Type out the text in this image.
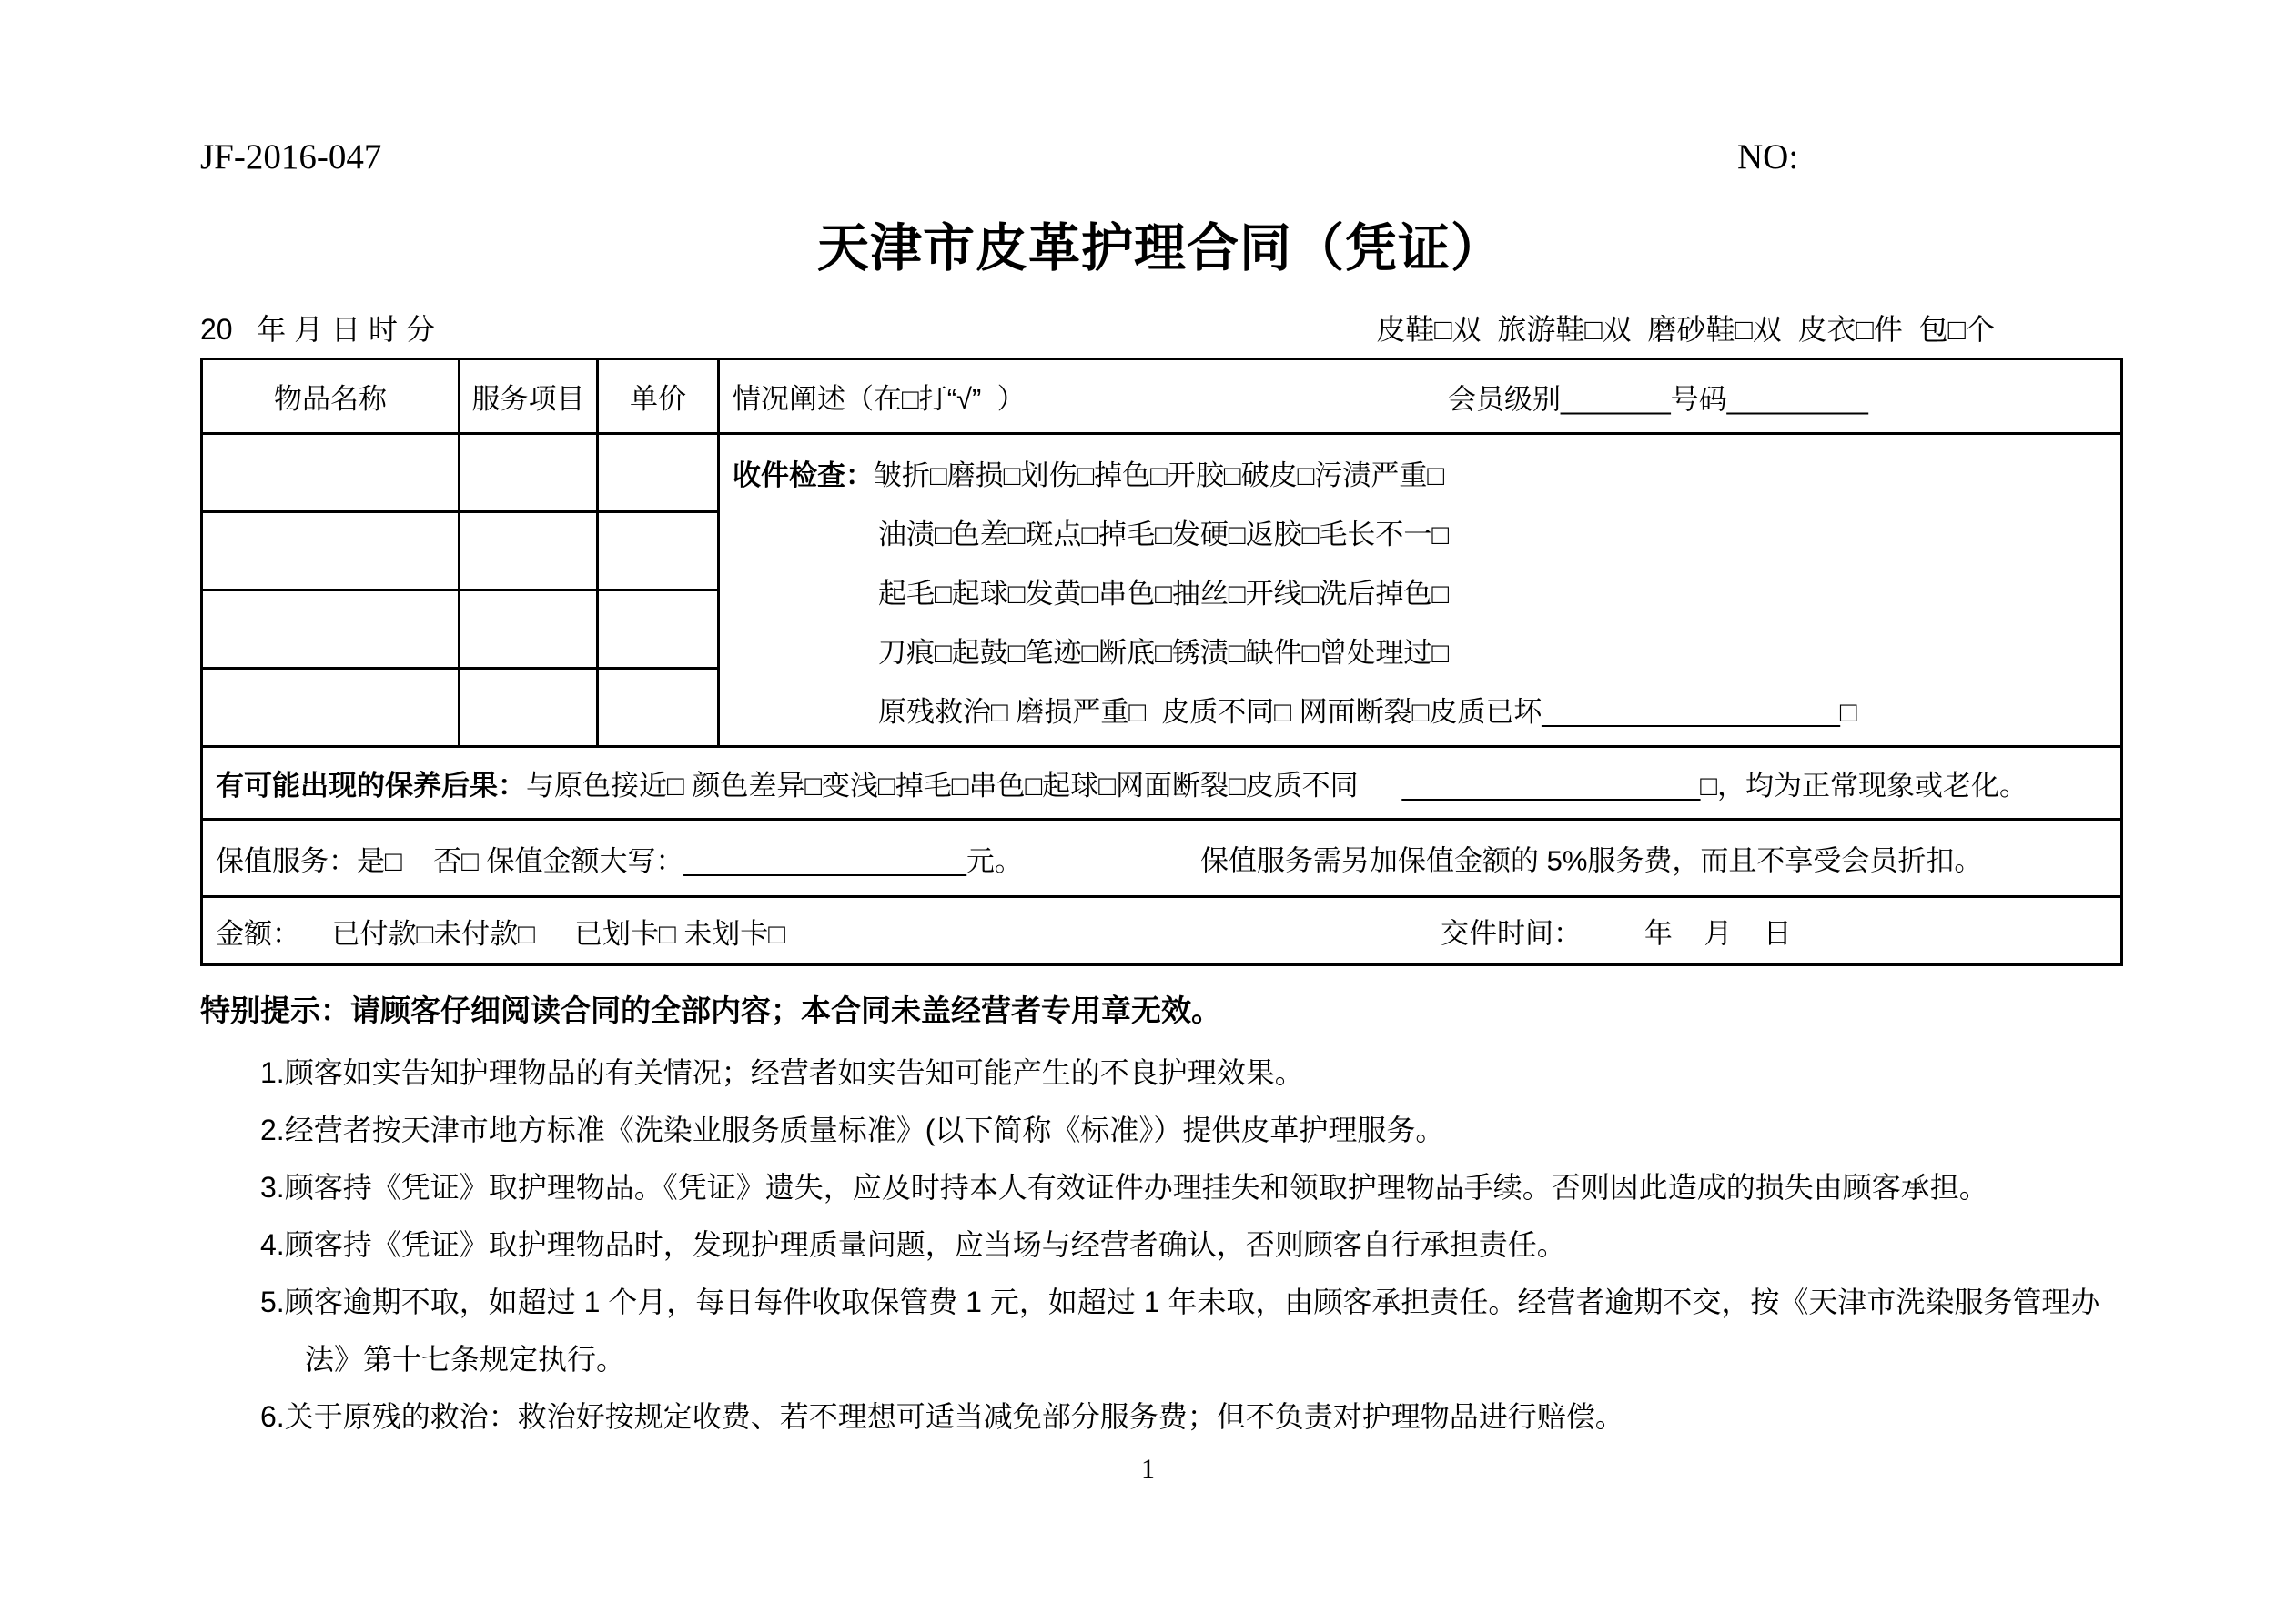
JF-2016-047	NO:
天津市皮革护理合同（凭证）
20   年 月 日 时 分	皮鞋□双  旅游鞋□双  磨砂鞋□双  皮衣□件  包□个
物品名称	服务项目	单价	情况阐述（在□打“√”  ） 会员级别_______号码_________

			收件检查：皱折□磨损□划伤□掉色□开胶□破皮□污渍严重□
油渍□色差□斑点□掉毛□发硬□返胶□毛长不一□
起毛□起球□发黄□串色□抽丝□开线□洗后掉色□
刀痕□起鼓□笔迹□断底□锈渍□缺件□曾处理过□
原残救治□ 磨损严重□  皮质不同□ 网面断裂□皮质已坏___________________□

有可能出现的保养后果：与原色接近□ 颜色差异□变浅□掉毛□串色□起球□网面断裂□皮质不同 ___________________□，均为正常现象或老化。			
保值服务：是□    否□ 保值金额大写：__________________元。 保值服务需另加保值金额的 5%服务费，而且不享受会员折扣。			

金额：    已付款□未付款□     已划卡□ 未划卡□ 交件时间：        年    月    日			
特别提示：请顾客仔细阅读合同的全部内容；本合同未盖经营者专用章无效。
1.顾客如实告知护理物品的有关情况；经营者如实告知可能产生的不良护理效果。
2.经营者按天津市地方标准《洗染业服务质量标准》(以下简称《标准》）提供皮革护理服务。
3.顾客持《凭证》取护理物品。《凭证》遗失，应及时持本人有效证件办理挂失和领取护理物品手续。否则因此造成的损失由顾客承担。
4.顾客持《凭证》取护理物品时，发现护理质量问题，应当场与经营者确认，否则顾客自行承担责任。
5.顾客逾期不取，如超过 1 个月，每日每件收取保管费 1 元，如超过 1 年未取，由顾客承担责任。经营者逾期不交，按《天津市洗染服务管理办法》第十七条规定执行。
6.关于原残的救治：救治好按规定收费、若不理想可适当减免部分服务费；但不负责对护理物品进行赔偿。
1
